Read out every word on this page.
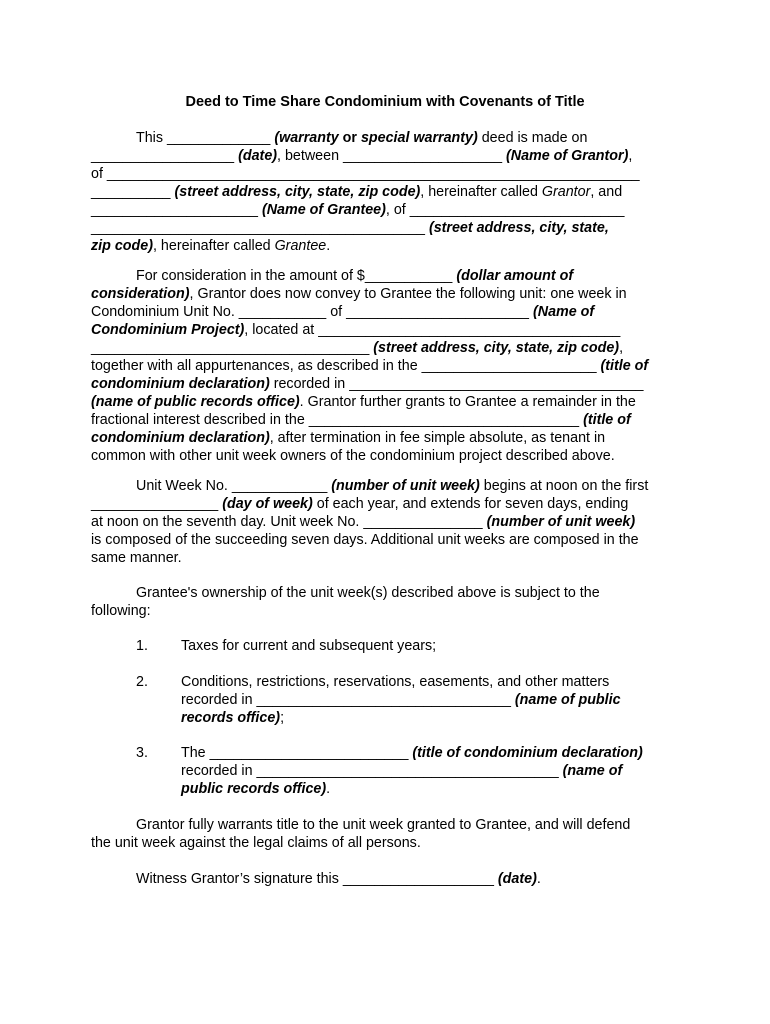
Deed to Time Share Condominium with Covenants of Title
This _____________ (warranty or special warranty) deed is made on
__________________ (date), between ____________________ (Name of Grantor),
of ___________________________________________________________________
__________ (street address, city, state, zip code), hereinafter called Grantor, and
_____________________ (Name of Grantee), of ___________________________
__________________________________________ (street address, city, state,
zip code), hereinafter called Grantee.
For consideration in the amount of $___________ (dollar amount of
consideration), Grantor does now convey to Grantee the following unit: one week in
Condominium Unit No. ___________ of _______________________ (Name of
Condominium Project), located at ______________________________________
___________________________________ (street address, city, state, zip code),
together with all appurtenances, as described in the ______________________ (title of
condominium declaration) recorded in _____________________________________
(name of public records office). Grantor further grants to Grantee a remainder in the
fractional interest described in the __________________________________ (title of
condominium declaration), after termination in fee simple absolute, as tenant in
common with other unit week owners of the condominium project described above.
Unit Week No. ____________ (number of unit week) begins at noon on the first
________________ (day of week) of each year, and extends for seven days, ending
at noon on the seventh day. Unit week No. _______________ (number of unit week)
is composed of the succeeding seven days. Additional unit weeks are composed in the
same manner.
Grantee's ownership of the unit week(s) described above is subject to the
following:
1. Taxes for current and subsequent years;
2. Conditions, restrictions, reservations, easements, and other matters
recorded in ________________________________ (name of public
records office);
3. The _________________________ (title of condominium declaration)
recorded in ______________________________________ (name of
public records office).
Grantor fully warrants title to the unit week granted to Grantee, and will defend
the unit week against the legal claims of all persons.
Witness Grantor’s signature this ___________________ (date).
